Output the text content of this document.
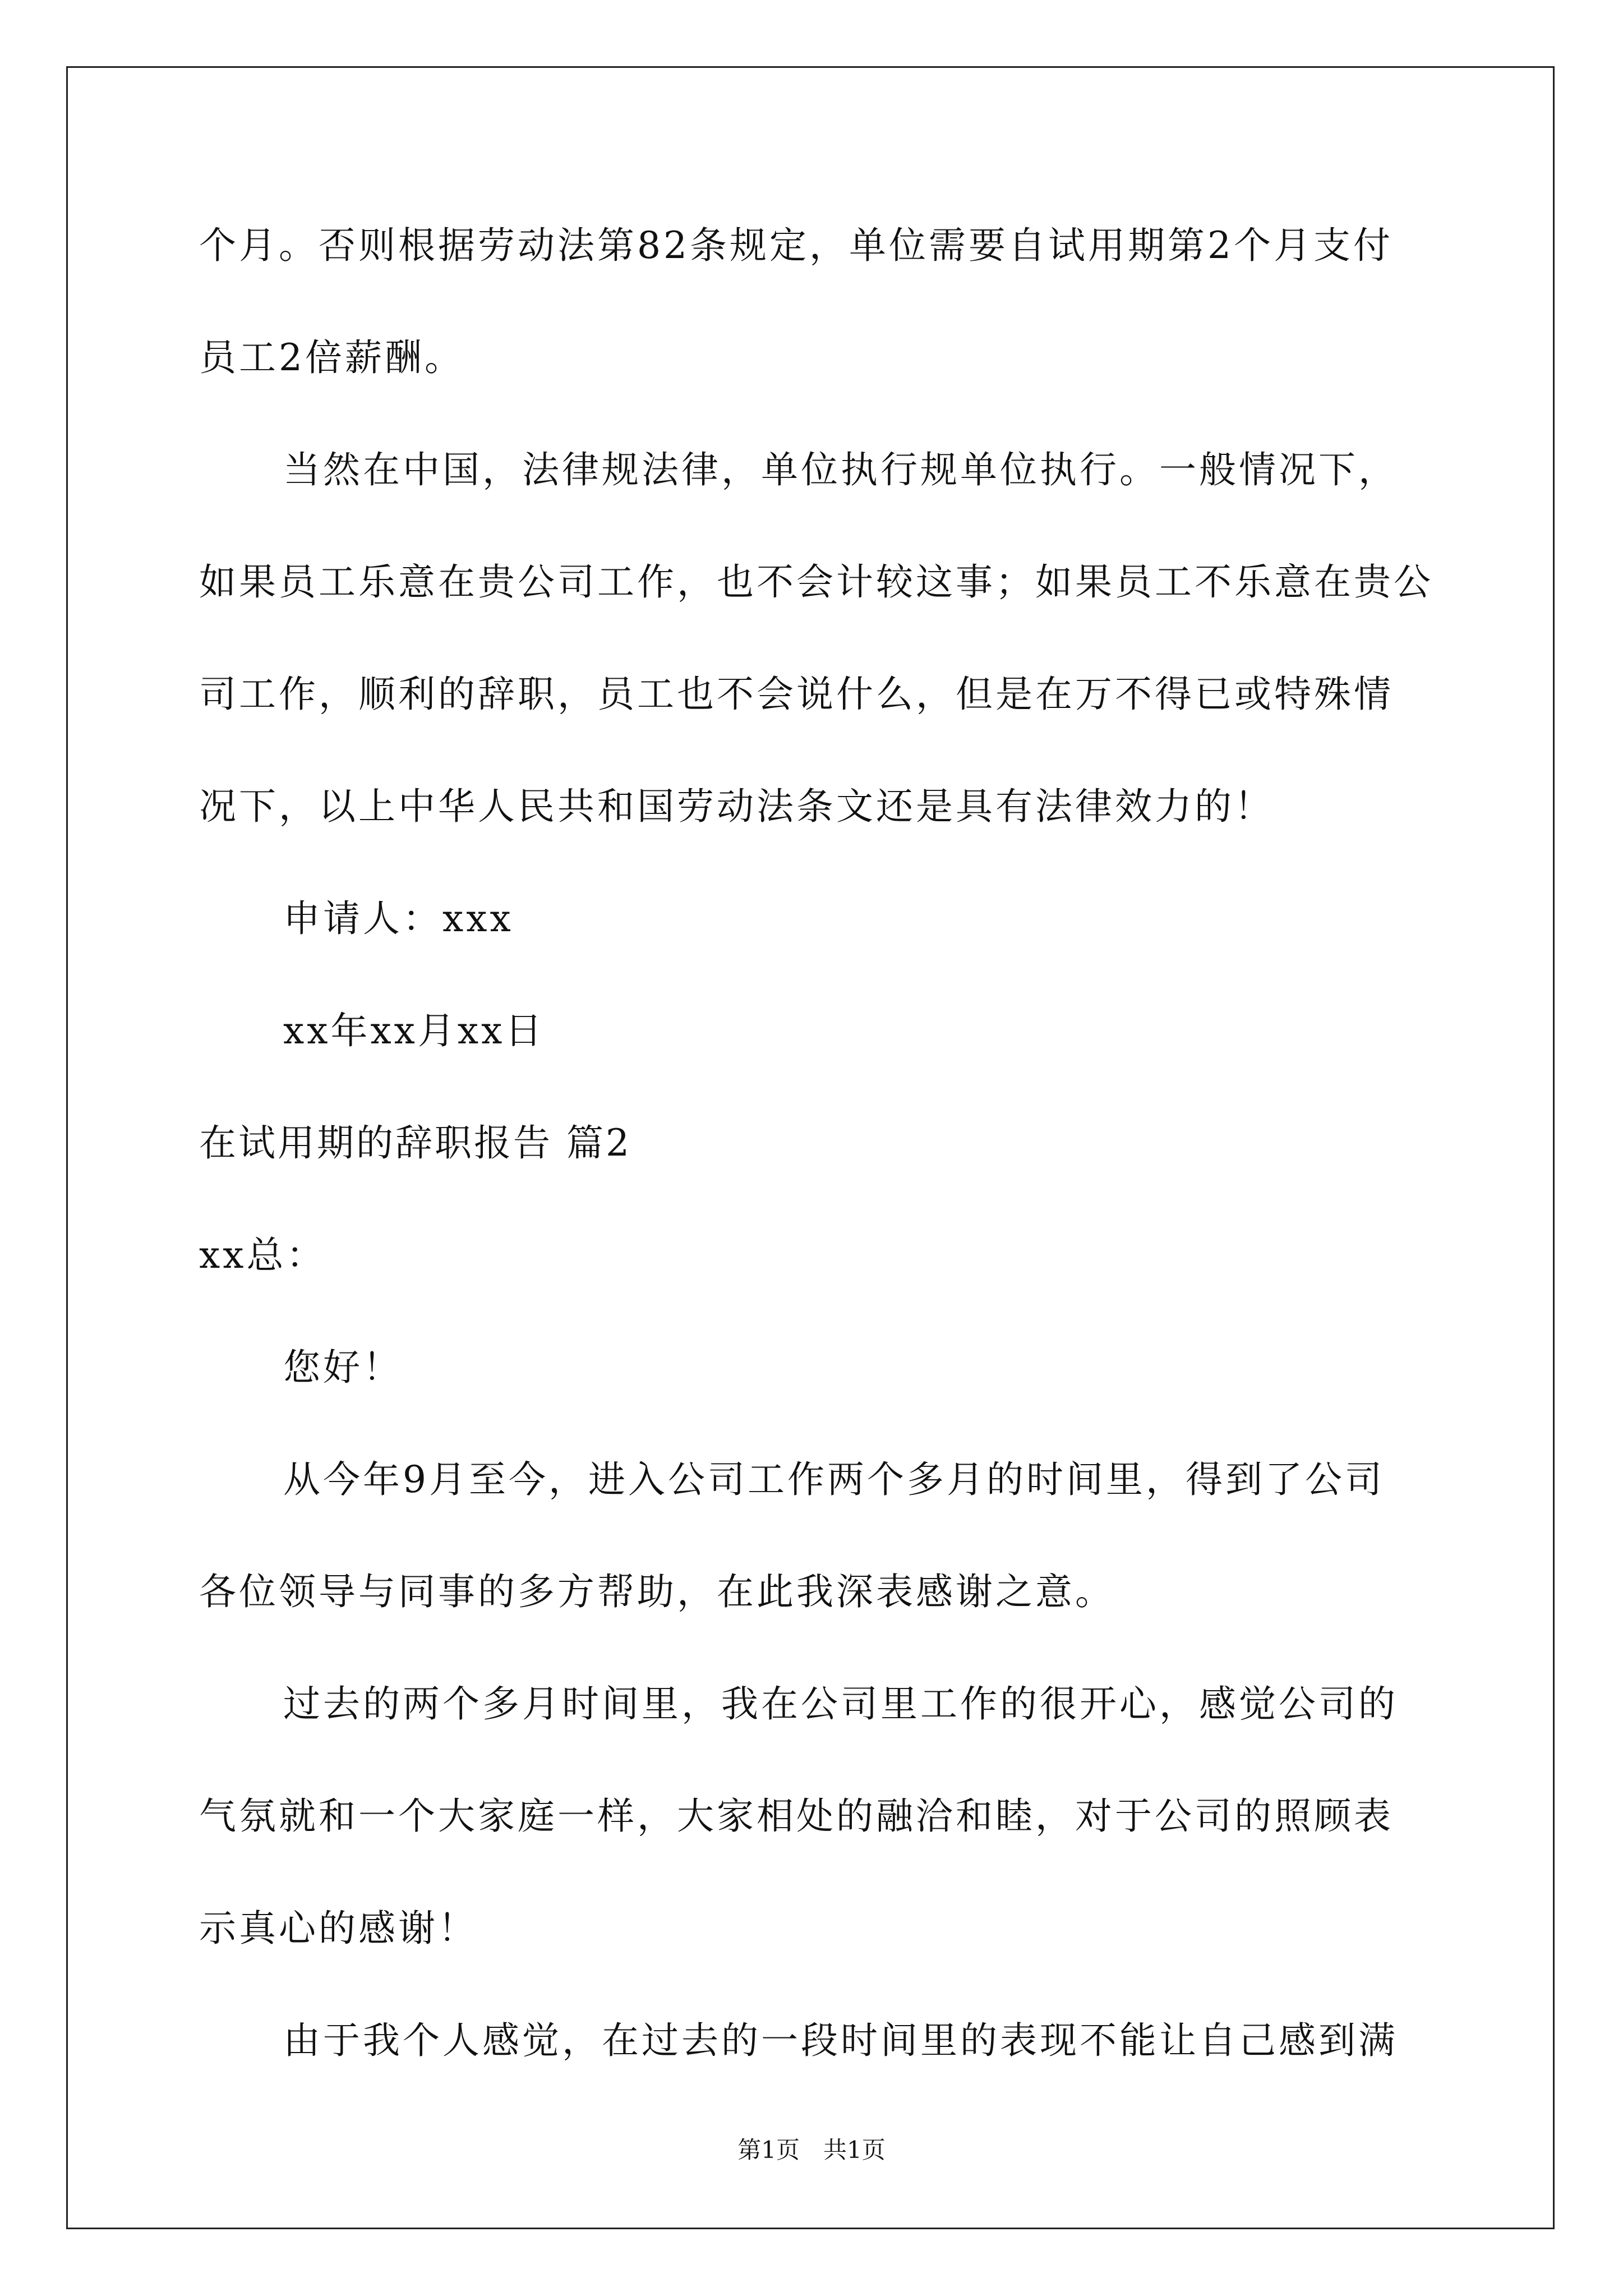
个月。否则根据劳动法第82条规定，单位需要自试用期第2个月支付

员工2倍薪酬。

当然在中国，法律规法律，单位执行规单位执行。一般情况下，

如果员工乐意在贵公司工作，也不会计较这事；如果员工不乐意在贵公

司工作，顺利的辞职，员工也不会说什么，但是在万不得已或特殊情

况下，以上中华人民共和国劳动法条文还是具有法律效力的！

申请人：xxx

xx年xx月xx日

在试用期的辞职报告 篇2

xx总：

您好！

从今年9月至今，进入公司工作两个多月的时间里，得到了公司

各位领导与同事的多方帮助，在此我深表感谢之意。

过去的两个多月时间里，我在公司里工作的很开心，感觉公司的

气氛就和一个大家庭一样，大家相处的融洽和睦，对于公司的照顾表

示真心的感谢！

由于我个人感觉，在过去的一段时间里的表现不能让自己感到满

第1页　共1页
